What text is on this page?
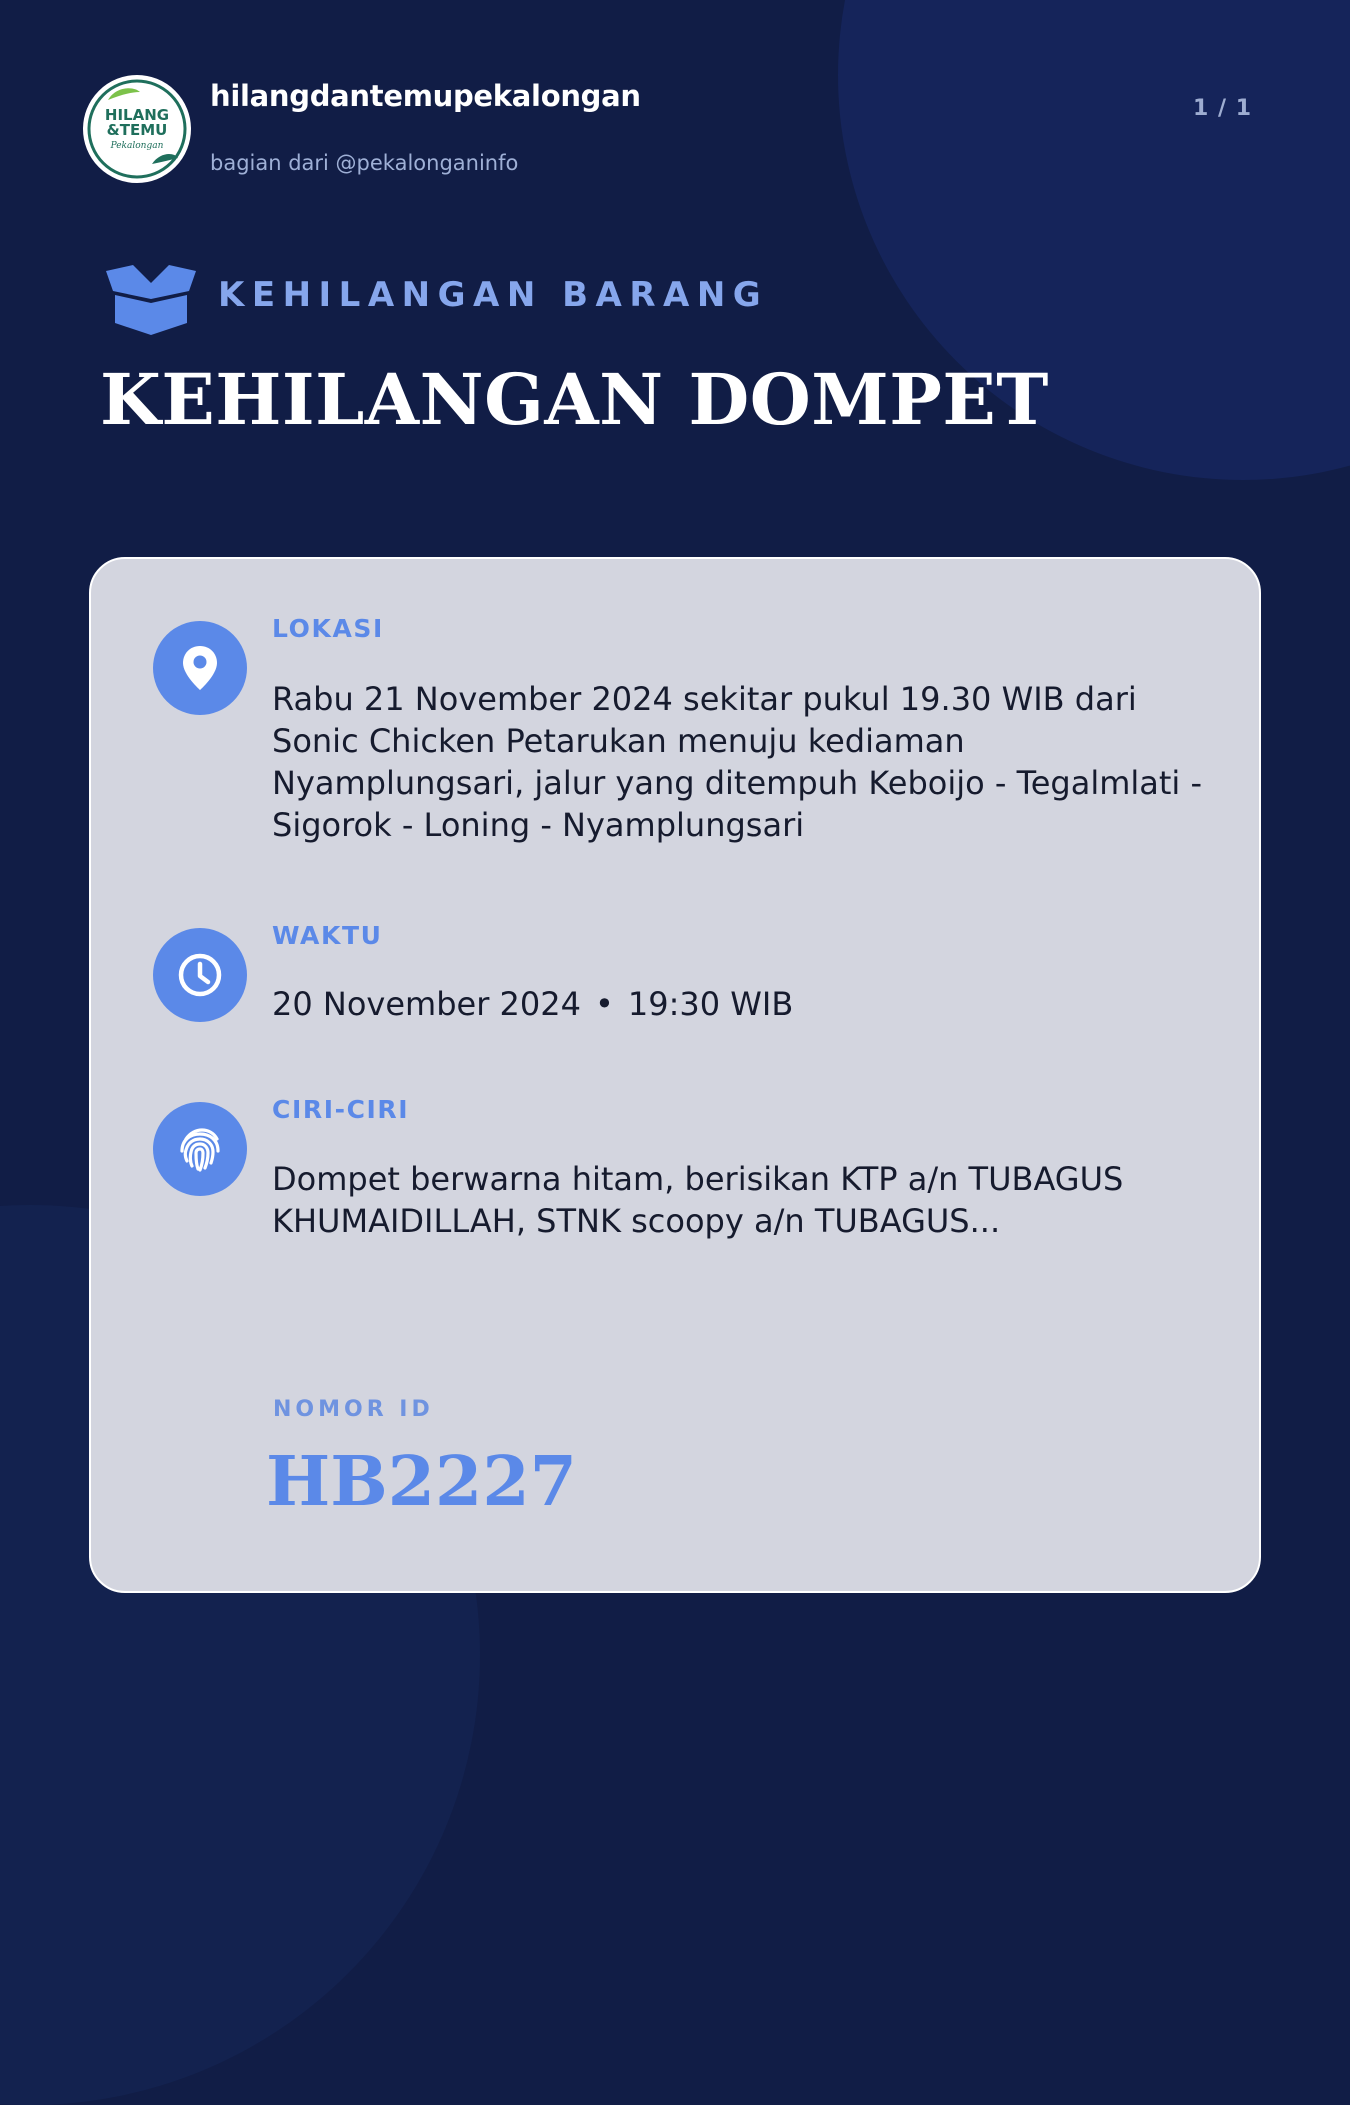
HILANG
&TEMU
Pekalongan
hilangdantemupekalongan
bagian dari @pekalonganinfo
1 / 1
KEHILANGAN BARANG
KEHILANGAN DOMPET
LOKASI
Rabu 21 November 2024 sekitar pukul 19.30 WIB dari Sonic Chicken Petarukan menuju kediaman Nyamplungsari, jalur yang ditempuh Keboijo - Tegalmlati - Sigorok - Loning - Nyamplungsari
WAKTU
20 November 2024 • 19:30 WIB
CIRI-CIRI
Dompet berwarna hitam, berisikan KTP a/n TUBAGUS KHUMAIDILLAH, STNK scoopy a/n TUBAGUS...
NOMOR ID
HB2227
